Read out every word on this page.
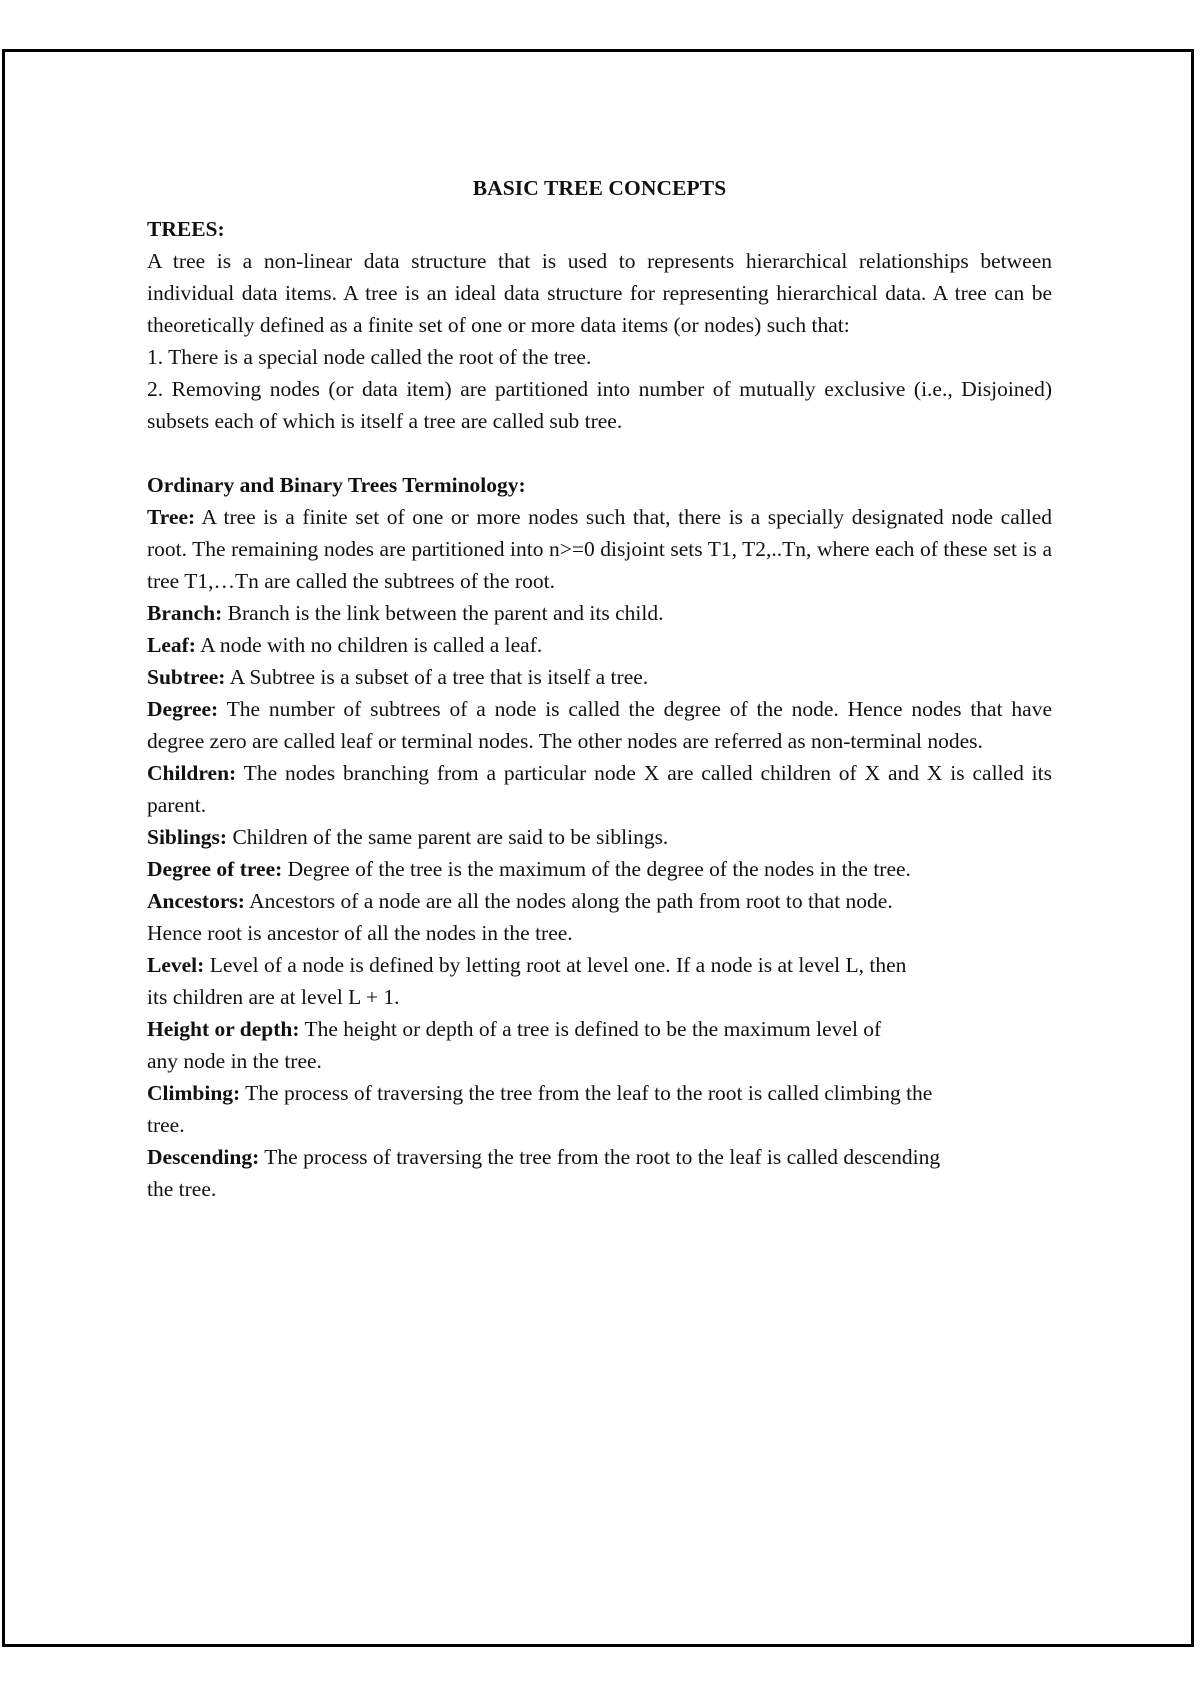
BASIC TREE CONCEPTS
TREES:

A tree is a non-linear data structure that is used to represents hierarchical relationships between individual data items. A tree is an ideal data structure for representing hierarchical data. A tree can be theoretically defined as a finite set of one or more data items (or nodes) such that:

1. There is a special node called the root of the tree.

2. Removing nodes (or data item) are partitioned into number of mutually exclusive (i.e., Disjoined) subsets each of which is itself a tree are called sub tree.

Ordinary and Binary Trees Terminology:

Tree: A tree is a finite set of one or more nodes such that, there is a specially designated node called root. The remaining nodes are partitioned into n>=0 disjoint sets T1, T2,..Tn, where each of these set is a tree T1,…Tn are called the subtrees of the root.

Branch: Branch is the link between the parent and its child.

Leaf: A node with no children is called a leaf.

Subtree: A Subtree is a subset of a tree that is itself a tree.

Degree: The number of subtrees of a node is called the degree of the node. Hence nodes that have degree zero are called leaf or terminal nodes. The other nodes are referred as non-terminal nodes.

Children: The nodes branching from a particular node X are called children of X and X is called its parent.

Siblings: Children of the same parent are said to be siblings.

Degree of tree: Degree of the tree is the maximum of the degree of the nodes in the tree.

Ancestors: Ancestors of a node are all the nodes along the path from root to that node.
Hence root is ancestor of all the nodes in the tree.

Level: Level of a node is defined by letting root at level one. If a node is at level L, then
its children are at level L + 1.

Height or depth: The height or depth of a tree is defined to be the maximum level of
any node in the tree.

Climbing: The process of traversing the tree from the leaf to the root is called climbing the
tree.

Descending: The process of traversing the tree from the root to the leaf is called descending
the tree.
